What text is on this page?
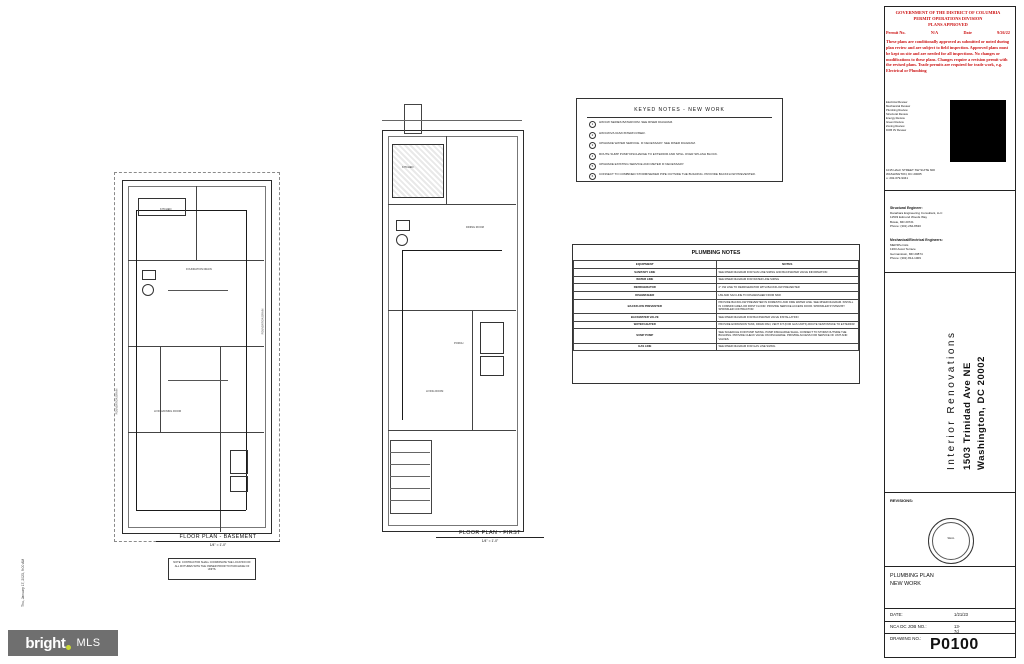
KITCHEN
FOUNDATION DRAIN
FOUNDATION DRAIN
FOUNDATION DRAIN	LIVING/DINING ROOM
FLOOR PLAN - BASEMENT
1/4" = 1'-0"
NOTE: CONTRACTOR SHALL COORDINATE THE LOCATION OF ALL FIXTURES WITH THE OWNER PRIOR TO PURCHASE OF UNITS.
KITCHEN
LIVING ROOM
DINING ROOM
PORCH
FLOOR PLAN - FIRST
1/4" = 1'-0"
KEYED NOTES - NEW WORK
1	HW/CW SERIES BATHROOM. SEE RISER DIAGRAM.
2	HW/CW/V/LVAS/CISTERN RISER.
3	UPGRADE WATER SERVICE. IF NECESSARY. SEE RISER DIAGRAM.
4	ROUTE SUMP PUMP DISCHARGE TO EXTERIOR AND SPILL OVER SPLASH BLOCK.
5	UPGRADE EXISTING SERVICE AND METER IF NECESSARY.
6	CONNECT TO COMBINED STORM/SEWER PIPE OUTSIDE THE BUILDING. PROVIDE BACKFLOW PREVENTER.
PLUMBING NOTES
EQUIPMENT	NOTES
SANITARY LINE	SEE RISER DIAGRAM FOR SAN LINE SIZING AND BACKWATER VALVE INFORMATION
WATER LINE	SEE RISER DIAGRAM FOR WATER LINE SIZING
REFRIGERATOR	2" CW LINE TO REFRIGERATOR WITH BACKFLOW PREVENTER
DISHWASHER	HW AND SAN LINE TO DISHWASHER FROM SINK
BACKFLOW PREVENTER	PROVIDE BACKFLOW PREVENTER IN DOMESTIC AND FIRE WATER LINE. SEE RISER DIAGRAM. INSTALL IN COMMON AREA OR FIRST FLOOR. PROVIDE SERVICE ACCESS DOOR. SPRINKLER SYSTEM BY SPRINKLER CONTRACTOR.
BACKWATER VALVE	SEE RISER DIAGRAM FOR BACKWATER VALVE INSTALLATION
WATER HEATER	PROVIDE EXPANSION TANK, DRAIN PAN, VENT KIT (FOR GAS UNITS) ROUTE VENT/INTAKE TO EXTERIOR
SUMP PUMP	SEE SCHEDULE FOR PUMP SIZING. PUMP DISCHARGE SHALL CONNECT TO STORM OUTSIDE THE BUILDING. PROVIDE CHECK VALVE ON DISCHARGE. PROVIDE ACCESS FOR SERVICE OF UNIT AND VALVES.
GAS LINE	SEE RISER DIAGRAM FOR GAS LINE SIZING
GOVERNMENT OF THE DISTRICT OF COLUMBIA
PERMIT OPERATIONS DIVISION
PLANS APPROVED
Permit No.	N/A	Date	9/26/22
These plans are conditionally approved as submitted or noted during plan review and are subject to field inspection. Approved plans must be kept on site and are needed for all inspections. No changes or modifications to these plans. Changes require a revision permit with the revised plans. Trade permits are required for trade work, e.g. Electrical or Plumbing
Electrical Review
Mechanical Review
Plumbing Review
Structural Review
Energy Review
Green Review
Zoning Review
DOB 3V Review
1015 HALF STREET SW SUITE 600
WASHINGTON, DC 20005
o: 202-679-9341
Structural Engineer:
Danahara Engineering Consultant, LLC
11503 Edmond Woods Way
Bowie, MD 20721
Phone: (301) 262-8630
Mechanical/Electrical Engineers:
MEP4Permits
1363 Ascot Terrace
Germantown, MD 20874
Phone: (301) 814-1009
Interior Renovations 1503 Trinidad Ave NE Washington, DC 20002
REVISIONS:
SEAL
PLUMBING PLAN
NEW WORK
DATE:	1/21/23
NCA DC JOB NO.:	13-7d
DRAWING NO.: P0100
bright MLS
Thu, January 17, 2023, 9:00 AM
